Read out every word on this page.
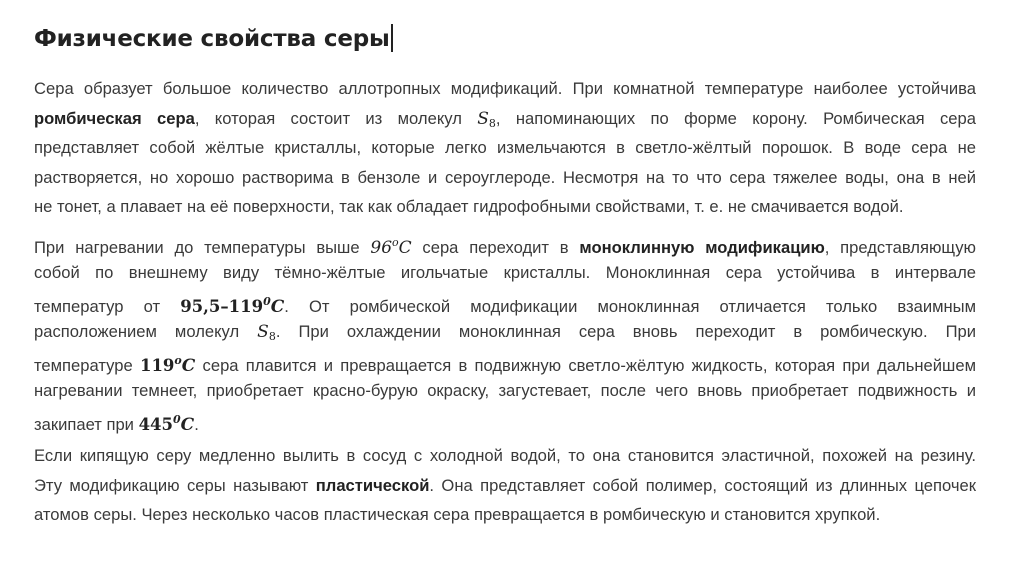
Физические свойства серы
Сера образует большое количество аллотропных модификаций. При комнатной температуре наиболее устойчива
ромбическая сера, которая состоит из молекул $S_8$, напоминающих по форме корону. Ромбическая сера
представляет собой жёлтые кристаллы, которые легко измельчаются в светло-жёлтый порошок. В воде сера не
растворяется, но хорошо растворима в бензоле и сероуглероде. Несмотря на то что сера тяжелее воды, она в ней
не тонет, а плавает на её поверхности, так как обладает гидрофобными свойствами, т. е. не смачивается водой.
При нагревании до температуры выше 96$^o$C сера переходит в моноклинную модификацию, представляющую
собой по внешнему виду тёмно-жёлтые игольчатые кристаллы. Моноклинная сера устойчива в интервале
температур от $95,5-119^0C$. От ромбической модификации моноклинная отличается только взаимным
расположением молекул $S_8$. При охлаждении моноклинная сера вновь переходит в ромбическую. При
температуре 119$^o$C сера плавится и превращается в подвижную светло-жёлтую жидкость, которая при дальнейшем
нагревании темнеет, приобретает красно-бурую окраску, загустевает, после чего вновь приобретает подвижность и
закипает при $445^0C$.
Если кипящую серу медленно вылить в сосуд с холодной водой, то она становится эластичной, похожей на резину.
Эту модификацию серы называют пластической. Она представляет собой полимер, состоящий из длинных цепочек
атомов серы. Через несколько часов пластическая сера превращается в ромбическую и становится хрупкой.
